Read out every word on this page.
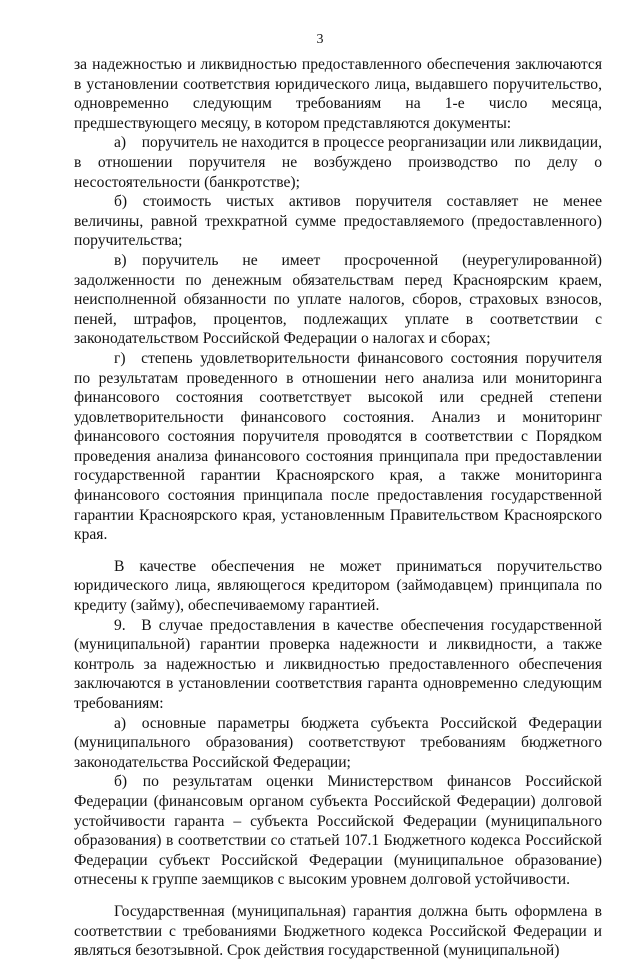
3

за надежностью и ликвидностью предоставленного обеспечения заключаются в установлении соответствия юридического лица, выдавшего поручительство, одновременно следующим требованиям на 1-е число месяца, предшествующего месяцу, в котором представляются документы:

а) поручитель не находится в процессе реорганизации или ликвидации, в отношении поручителя не возбуждено производство по делу о несостоятельности (банкротстве);

б) стоимость чистых активов поручителя составляет не менее величины, равной трехкратной сумме предоставляемого (предоставленного) поручительства;

в) поручитель не имеет просроченной (неурегулированной) задолженности по денежным обязательствам перед Красноярским краем, неисполненной обязанности по уплате налогов, сборов, страховых взносов, пеней, штрафов, процентов, подлежащих уплате в соответствии с законодательством Российской Федерации о налогах и сборах;

г) степень удовлетворительности финансового состояния поручителя по результатам проведенного в отношении него анализа или мониторинга финансового состояния соответствует высокой или средней степени удовлетворительности финансового состояния. Анализ и мониторинг финансового состояния поручителя проводятся в соответствии с Порядком проведения анализа финансового состояния принципала при предоставлении государственной гарантии Красноярского края, а также мониторинга финансового состояния принципала после предоставления государственной гарантии Красноярского края, установленным Правительством Красноярского края.

В качестве обеспечения не может приниматься поручительство юридического лица, являющегося кредитором (займодавцем) принципала по кредиту (займу), обеспечиваемому гарантией.

9. В случае предоставления в качестве обеспечения государственной (муниципальной) гарантии проверка надежности и ликвидности, а также контроль за надежностью и ликвидностью предоставленного обеспечения заключаются в установлении соответствия гаранта одновременно следующим требованиям:

а) основные параметры бюджета субъекта Российской Федерации (муниципального образования) соответствуют требованиям бюджетного законодательства Российской Федерации;

б) по результатам оценки Министерством финансов Российской Федерации (финансовым органом субъекта Российской Федерации) долговой устойчивости гаранта – субъекта Российской Федерации (муниципального образования) в соответствии со статьей 107.1 Бюджетного кодекса Российской Федерации субъект Российской Федерации (муниципальное образование) отнесены к группе заемщиков с высоким уровнем долговой устойчивости.

Государственная (муниципальная) гарантия должна быть оформлена в соответствии с требованиями Бюджетного кодекса Российской Федерации и являться безотзывной. Срок действия государственной (муниципальной)
